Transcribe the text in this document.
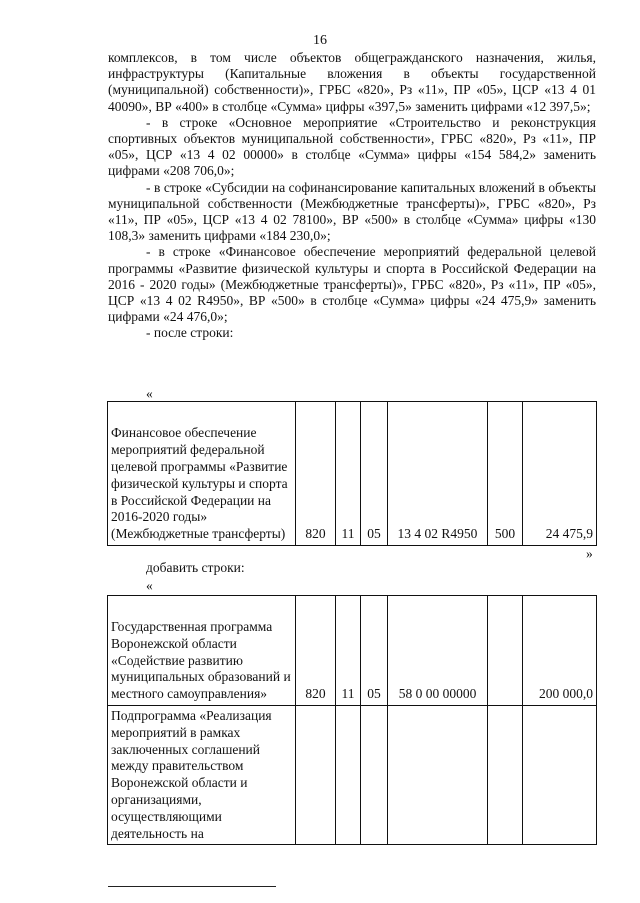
16

комплексов, в том числе объектов общегражданского назначения, жилья, инфраструктуры (Капитальные вложения в объекты государственной (муниципальной) собственности)», ГРБС «820», Рз «11», ПР «05», ЦСР «13 4 01 40090», ВР «400» в столбце «Сумма» цифры «397,5» заменить цифрами «12 397,5»;

- в строке «Основное мероприятие «Строительство и реконструкция спортивных объектов муниципальной собственности», ГРБС «820», Рз «11», ПР «05», ЦСР «13 4 02 00000» в столбце «Сумма» цифры «154 584,2» заменить цифрами «208 706,0»;

- в строке «Субсидии на софинансирование капитальных вложений в объекты муниципальной собственности (Межбюджетные трансферты)», ГРБС «820», Рз «11», ПР «05», ЦСР «13 4 02 78100», ВР «500» в столбце «Сумма» цифры «130 108,3» заменить цифрами «184 230,0»;

- в строке «Финансовое обеспечение мероприятий федеральной целевой программы «Развитие физической культуры и спорта в Российской Федерации на 2016 - 2020 годы» (Межбюджетные трансферты)», ГРБС «820», Рз «11», ПР «05», ЦСР «13 4 02 R4950», ВР «500» в столбце «Сумма» цифры «24 475,9» заменить цифрами «24 476,0»;

- после строки:

«
Финансовое обеспечение мероприятий федеральной целевой программы «Развитие физической культуры и спорта в Российской Федерации на 2016-2020 годы» (Межбюджетные трансферты)	820	11	05	13 4 02 R4950	500	24 475,9
»
добавить строки:
«
Государственная программа Воронежской области «Содействие развитию муниципальных образований и местного самоуправления»	820	11	05	58 0 00 00000		200 000,0
Подпрограмма «Реализация мероприятий в рамках заключенных соглашений между правительством Воронежской области и организациями, осуществляющими деятельность на						
